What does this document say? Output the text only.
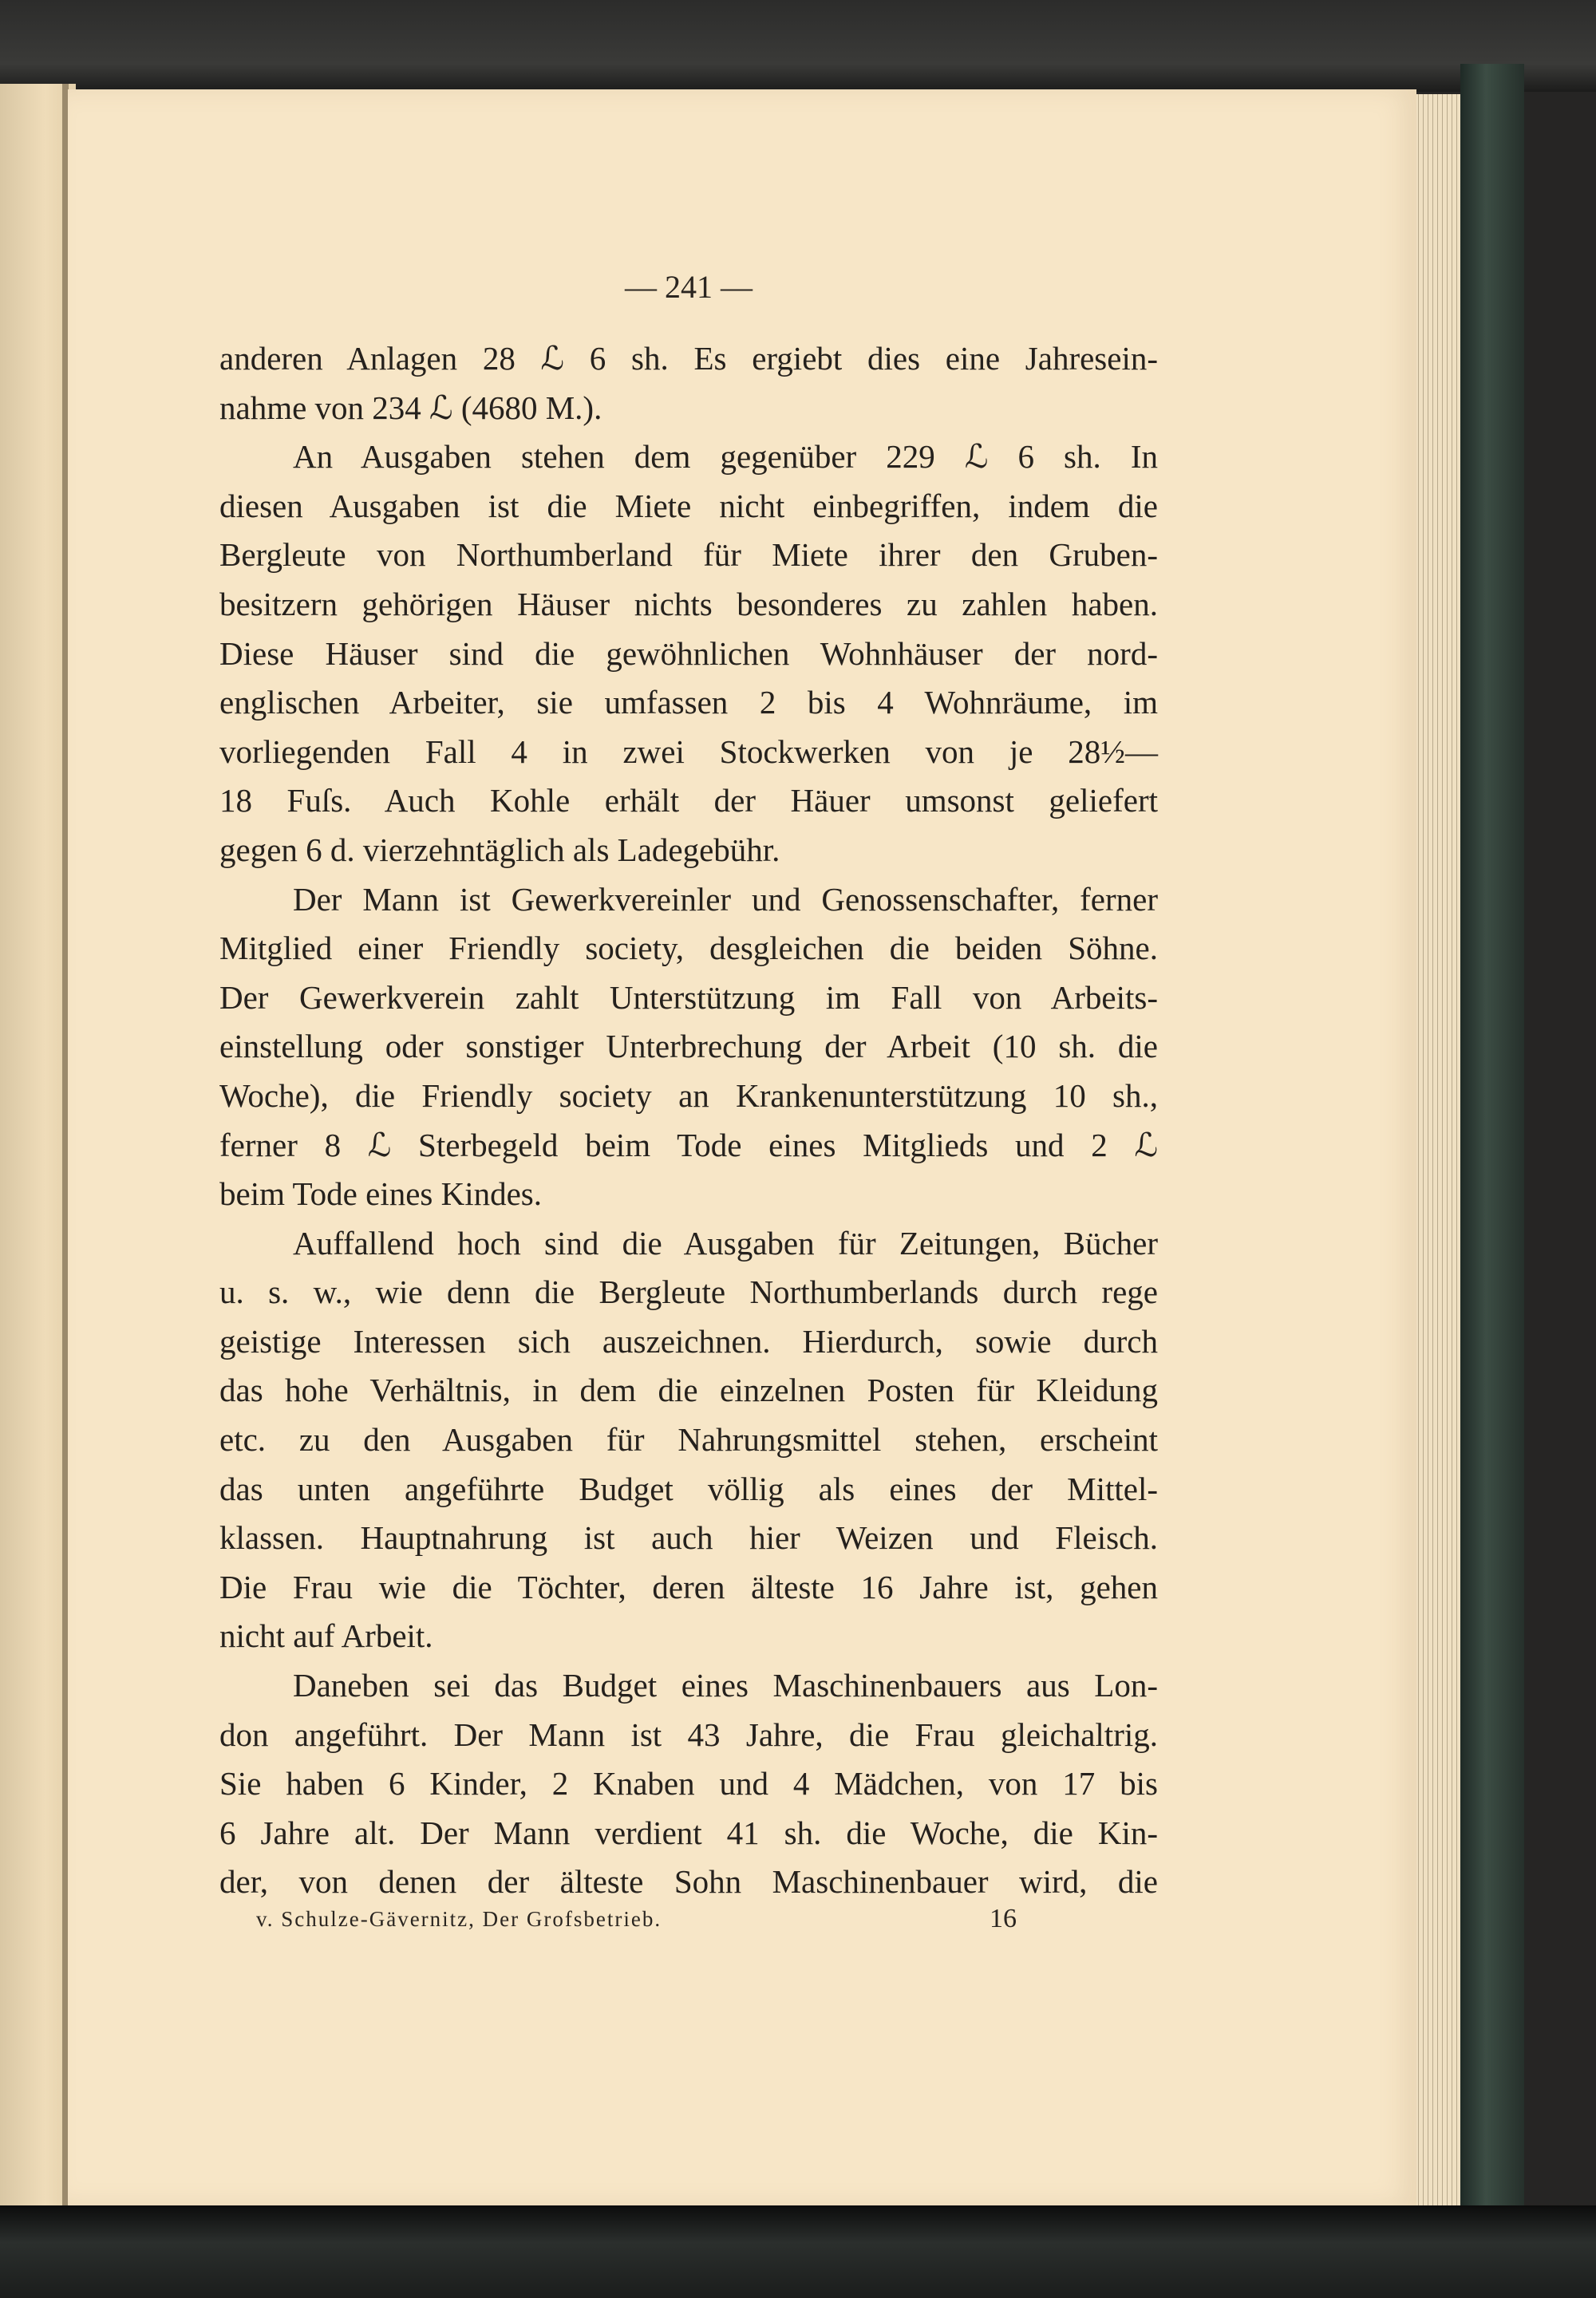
— 241 —
anderen Anlagen 28 ℒ 6 sh. Es ergiebt dies eine Jahresein-
nahme von 234 ℒ (4680 M.).
An Ausgaben stehen dem gegenüber 229 ℒ 6 sh. In
diesen Ausgaben ist die Miete nicht einbegriffen, indem die
Bergleute von Northumberland für Miete ihrer den Gruben-
besitzern gehörigen Häuser nichts besonderes zu zahlen haben.
Diese Häuser sind die gewöhnlichen Wohnhäuser der nord-
englischen Arbeiter, sie umfassen 2 bis 4 Wohnräume, im
vorliegenden Fall 4 in zwei Stockwerken von je 28½—
18 Fuſs. Auch Kohle erhält der Häuer umsonst geliefert
gegen 6 d. vierzehntäglich als Ladegebühr.
Der Mann ist Gewerkvereinler und Genossenschafter, ferner
Mitglied einer Friendly society, desgleichen die beiden Söhne.
Der Gewerkverein zahlt Unterstützung im Fall von Arbeits-
einstellung oder sonstiger Unterbrechung der Arbeit (10 sh. die
Woche), die Friendly society an Krankenunterstützung 10 sh.,
ferner 8 ℒ Sterbegeld beim Tode eines Mitglieds und 2 ℒ
beim Tode eines Kindes.
Auffallend hoch sind die Ausgaben für Zeitungen, Bücher
u. s. w., wie denn die Bergleute Northumberlands durch rege
geistige Interessen sich auszeichnen. Hierdurch, sowie durch
das hohe Verhältnis, in dem die einzelnen Posten für Kleidung
etc. zu den Ausgaben für Nahrungsmittel stehen, erscheint
das unten angeführte Budget völlig als eines der Mittel-
klassen. Hauptnahrung ist auch hier Weizen und Fleisch.
Die Frau wie die Töchter, deren älteste 16 Jahre ist, gehen
nicht auf Arbeit.
Daneben sei das Budget eines Maschinenbauers aus Lon-
don angeführt. Der Mann ist 43 Jahre, die Frau gleichaltrig.
Sie haben 6 Kinder, 2 Knaben und 4 Mädchen, von 17 bis
6 Jahre alt. Der Mann verdient 41 sh. die Woche, die Kin-
der, von denen der älteste Sohn Maschinenbauer wird, die
v. Schulze-Gävernitz, Der Grofsbetrieb.	16
